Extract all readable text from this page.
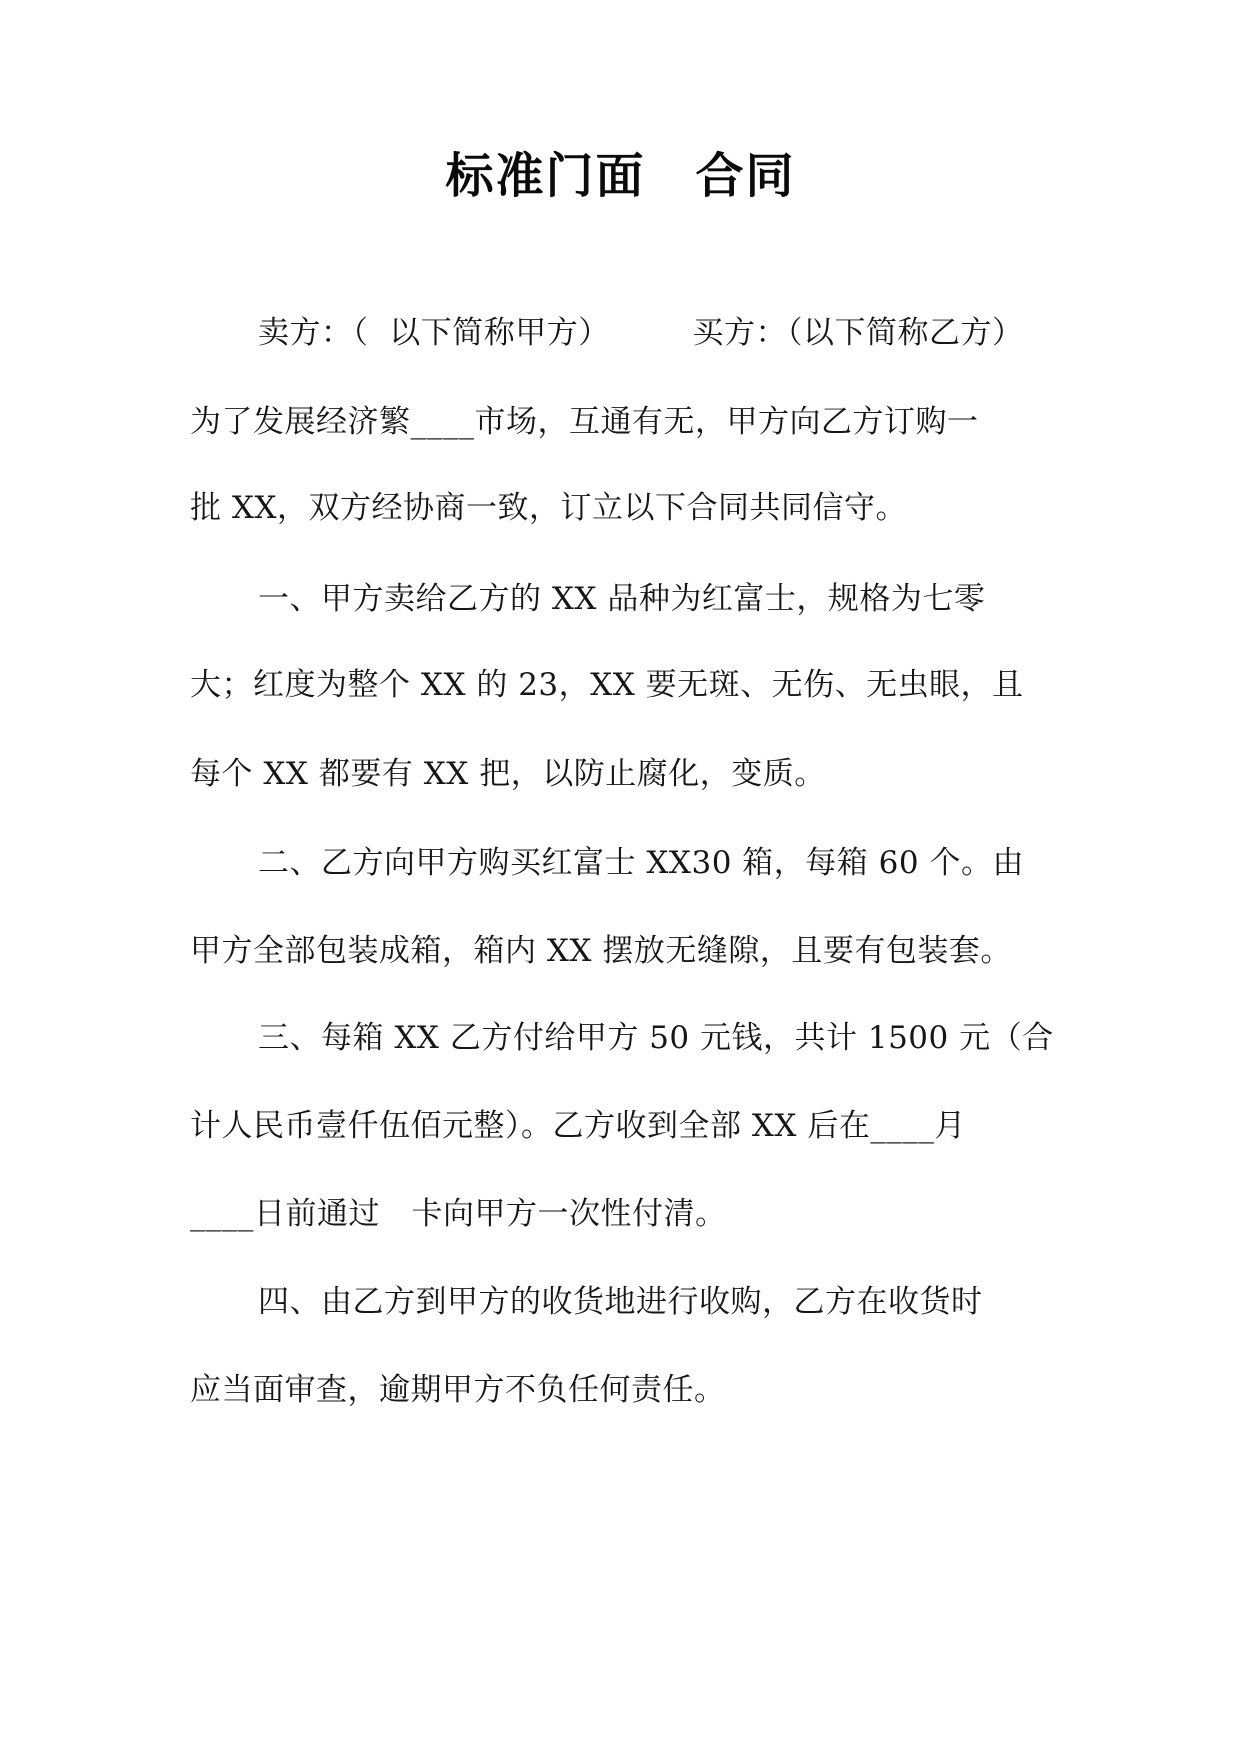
标准门面　合同
卖方：（  以下简称甲方）        买方：（以下简称乙方）
为了发展经济繁____市场，互通有无，甲方向乙方订购一
批 XX，双方经协商一致，订立以下合同共同信守。
一、甲方卖给乙方的 XX 品种为红富士，规格为七零
大；红度为整个 XX 的 23，XX 要无斑、无伤、无虫眼，且
每个 XX 都要有 XX 把，以防止腐化，变质。
二、乙方向甲方购买红富士 XX30 箱，每箱 60 个。由
甲方全部包装成箱，箱内 XX 摆放无缝隙，且要有包装套。
三、每箱 XX 乙方付给甲方 50 元钱，共计 1500 元（合
计人民币壹仟伍佰元整）。乙方收到全部 XX 后在____月
____日前通过　卡向甲方一次性付清。
四、由乙方到甲方的收货地进行收购，乙方在收货时
应当面审查，逾期甲方不负任何责任。
